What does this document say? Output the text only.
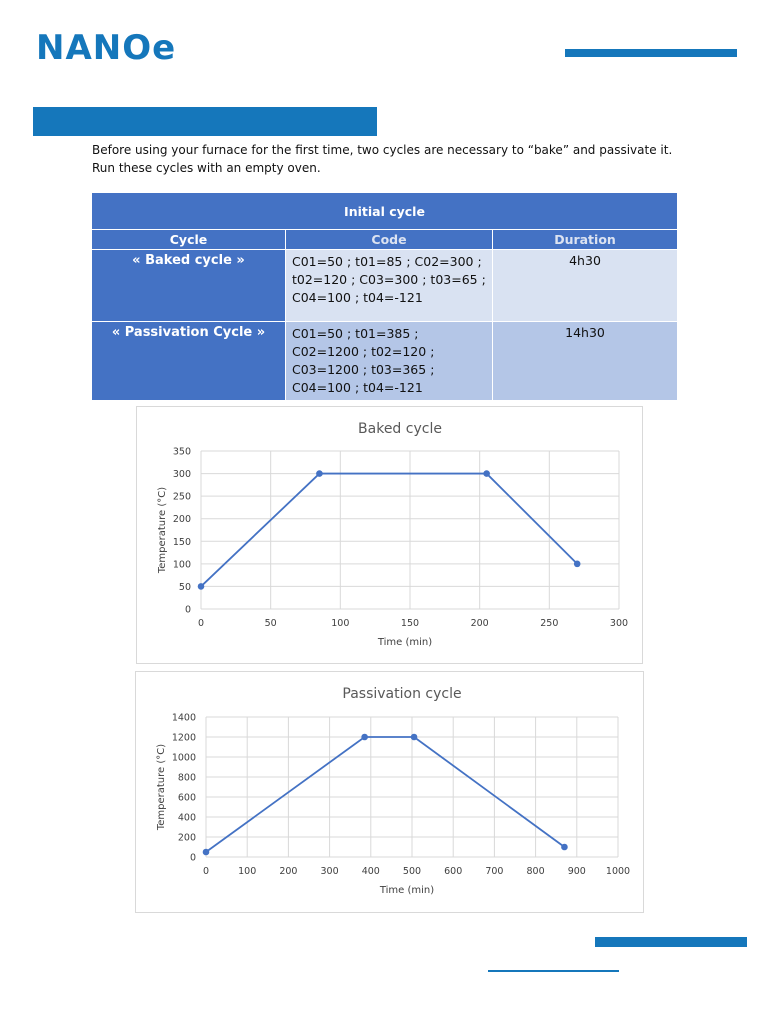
NANOe
Before using your furnace for the first time, two cycles are necessary to “bake” and passivate it. Run these cycles with an empty oven.
Initial cycle		
Cycle	Code	Duration
« Baked cycle »	C01=50 ; t01=85 ; C02=300 ; t02=120 ; C03=300 ; t03=65 ; C04=100 ; t04=-121	4h30
« Passivation Cycle »	C01=50 ; t01=385 ; C02=1200 ; t02=120 ; C03=1200 ; t03=365 ; C04=100 ; t04=-121	14h30
0
50
100
150
200
250
300
350
0	50	100	150	200	250	300
Baked cycle
Time (min)
Temperature (°C)
0
200
400
600
800
1000
1200
1400
0	100 200 300 400 500 600 700 800 900 1000
Passivation cycle
Time (min)
Temperature (°C)
